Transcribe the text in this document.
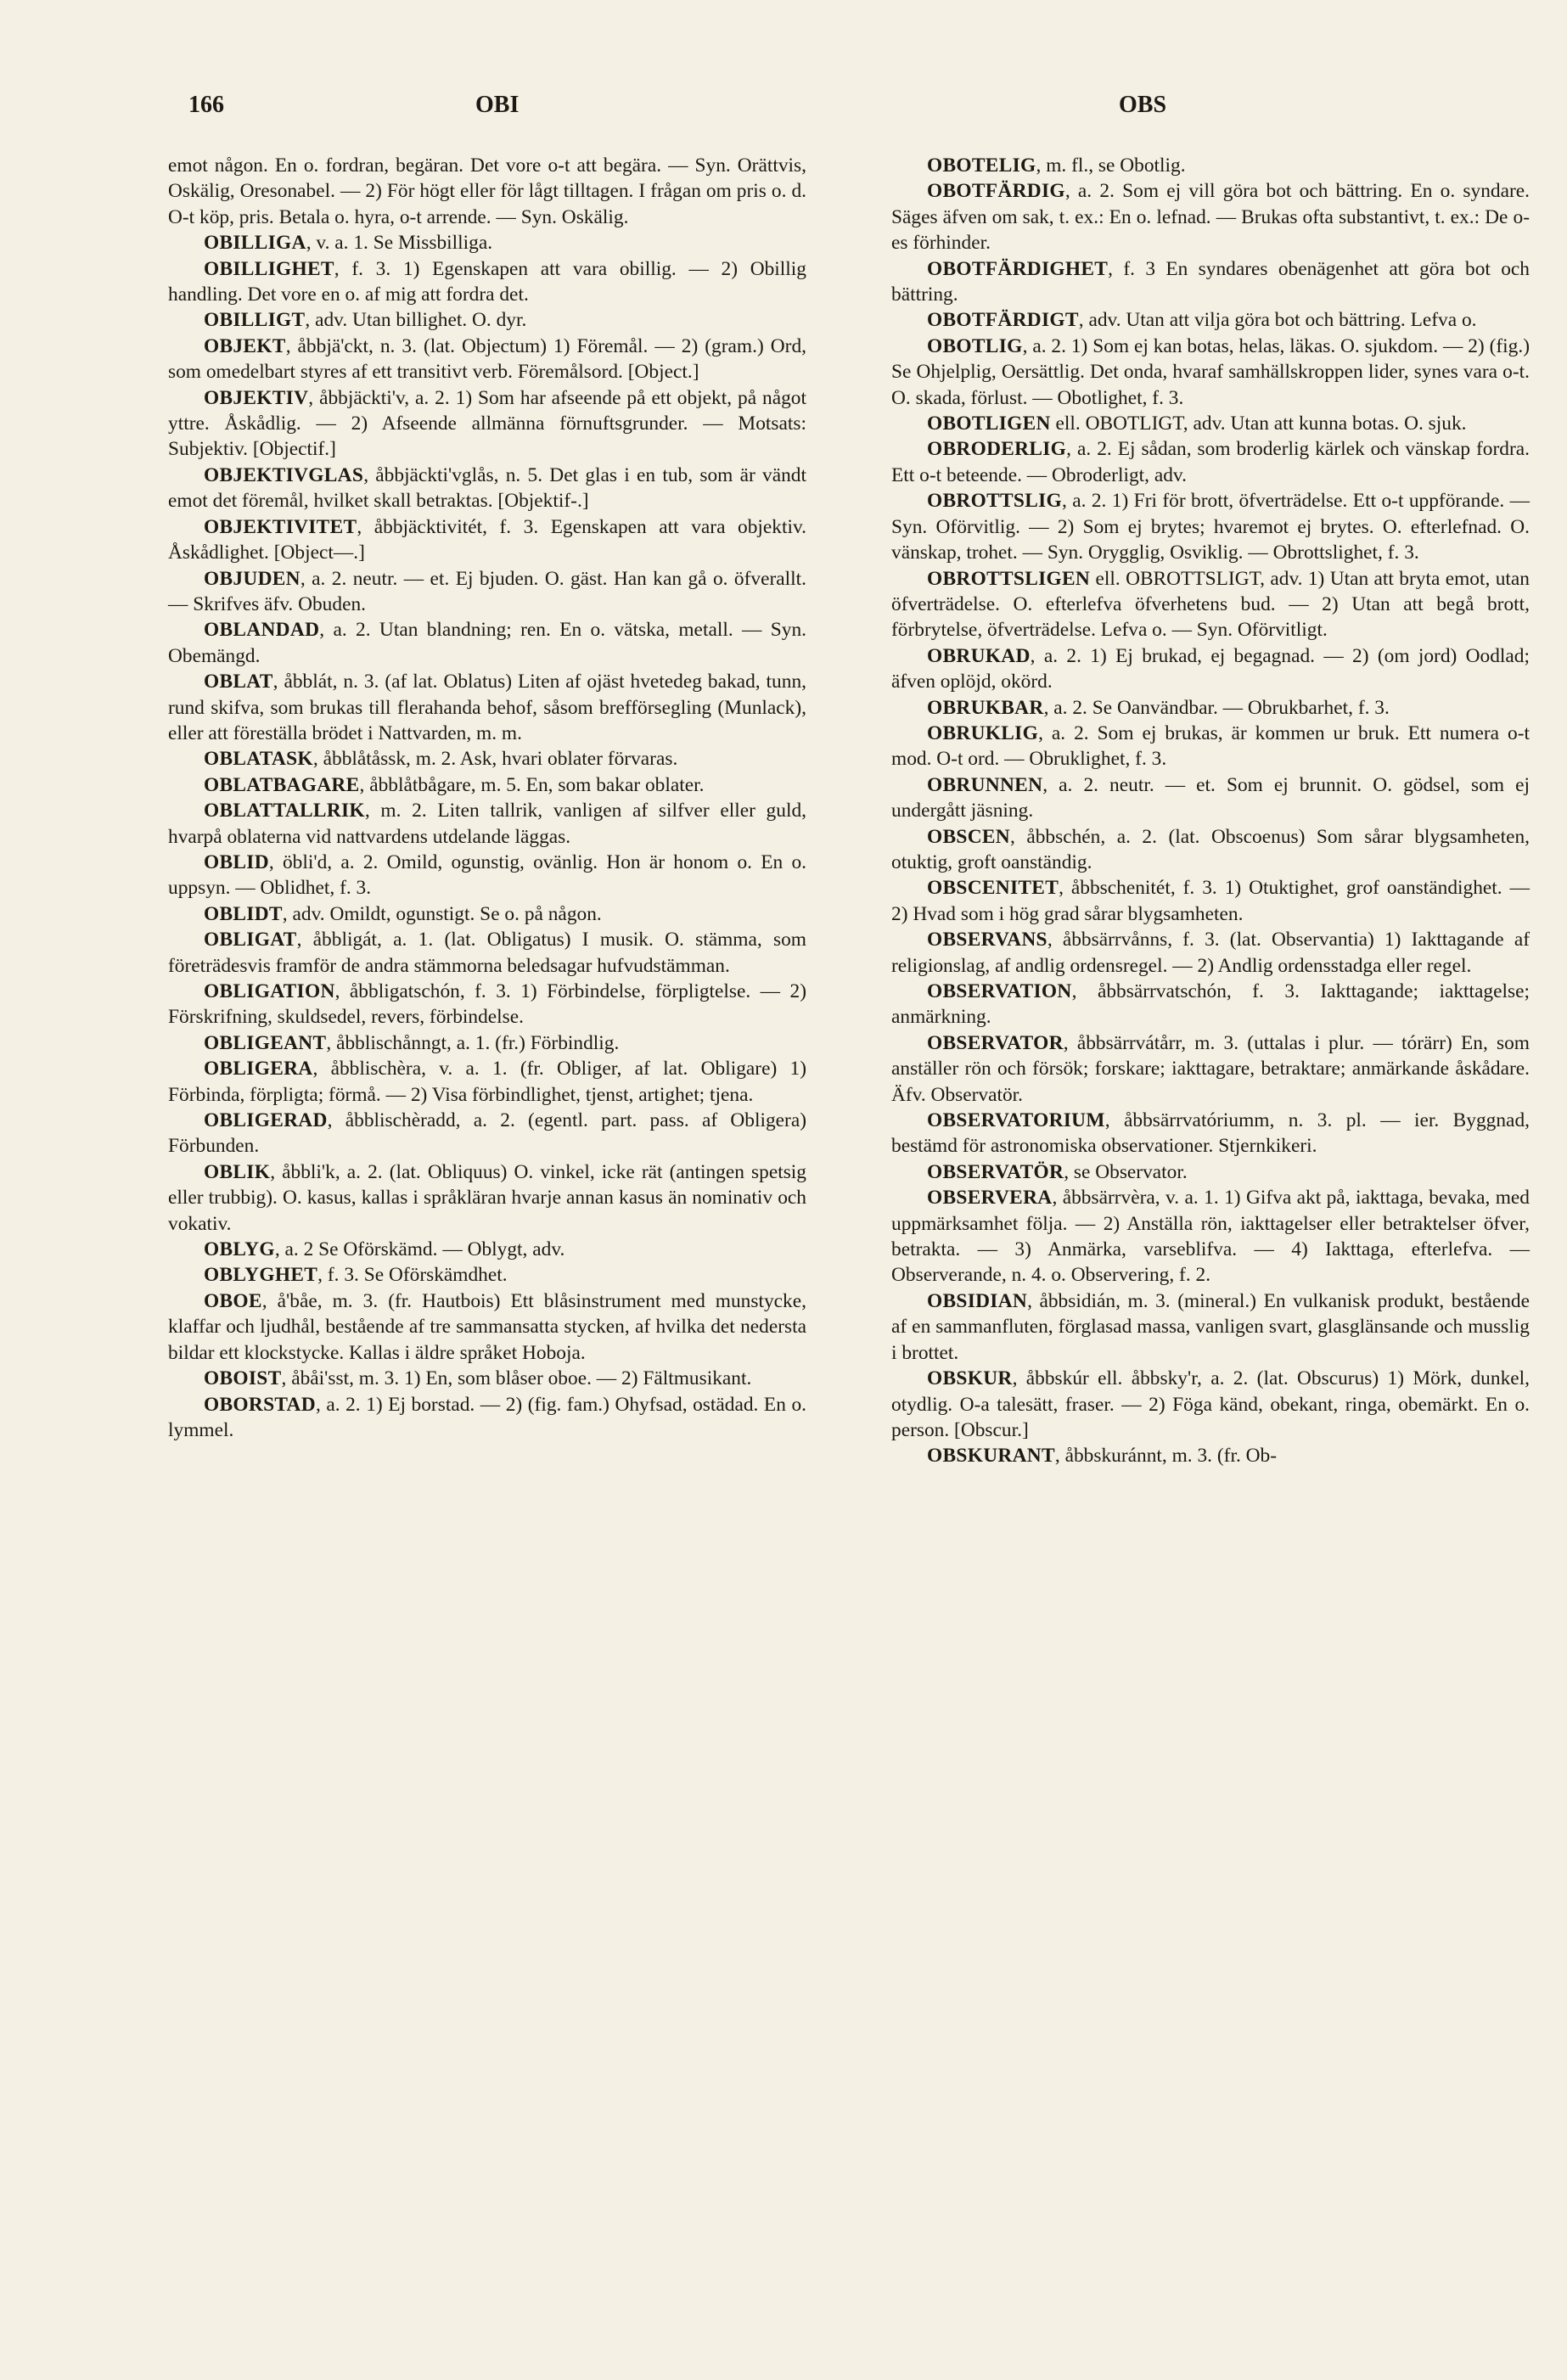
166	OBI	OBS

emot någon. En o. fordran, begäran. Det vore o-t att begära. — Syn. Orättvis, Oskälig, Oresonabel. — 2) För högt eller för lågt tilltagen. I frågan om pris o. d. O-t köp, pris. Betala o. hyra, o-t arrende. — Syn. Oskälig.

OBILLIGA, v. a. 1. Se Missbilliga.

OBILLIGHET, f. 3. 1) Egenskapen att vara obillig. — 2) Obillig handling. Det vore en o. af mig att fordra det.

OBILLIGT, adv. Utan billighet. O. dyr.

OBJEKT, åbbjä'ckt, n. 3. (lat. Objectum) 1) Föremål. — 2) (gram.) Ord, som omedelbart styres af ett transitivt verb. Föremålsord. [Object.]

OBJEKTIV, åbbjäckti'v, a. 2. 1) Som har afseende på ett objekt, på något yttre. Åskådlig. — 2) Afseende allmänna förnuftsgrunder. — Motsats: Subjektiv. [Objectif.]

OBJEKTIVGLAS, åbbjäckti'vglås, n. 5. Det glas i en tub, som är vändt emot det föremål, hvilket skall betraktas. [Objektif-.]

OBJEKTIVITET, åbbjäcktivitét, f. 3. Egenskapen att vara objektiv. Åskådlighet. [Object—.]

OBJUDEN, a. 2. neutr. — et. Ej bjuden. O. gäst. Han kan gå o. öfverallt. — Skrifves äfv. Obuden.

OBLANDAD, a. 2. Utan blandning; ren. En o. vätska, metall. — Syn. Obemängd.

OBLAT, åbblát, n. 3. (af lat. Oblatus) Liten af ojäst hvetedeg bakad, tunn, rund skifva, som brukas till flerahanda behof, såsom brefförsegling (Munlack), eller att föreställa brödet i Nattvarden, m. m.

OBLATASK, åbblåtåssk, m. 2. Ask, hvari oblater förvaras.

OBLATBAGARE, åbblåtbågare, m. 5. En, som bakar oblater.

OBLATTALLRIK, m. 2. Liten tallrik, vanligen af silfver eller guld, hvarpå oblaterna vid nattvardens utdelande läggas.

OBLID, öbli'd, a. 2. Omild, ogunstig, ovänlig. Hon är honom o. En o. uppsyn. — Oblidhet, f. 3.

OBLIDT, adv. Omildt, ogunstigt. Se o. på någon.

OBLIGAT, åbbligát, a. 1. (lat. Obligatus) I musik. O. stämma, som företrädesvis framför de andra stämmorna beledsagar hufvudstämman.

OBLIGATION, åbbligatschón, f. 3. 1) Förbindelse, förpligtelse. — 2) Förskrifning, skuldsedel, revers, förbindelse.

OBLIGEANT, åbblischånngt, a. 1. (fr.) Förbindlig.

OBLIGERA, åbblischèra, v. a. 1. (fr. Obliger, af lat. Obligare) 1) Förbinda, förpligta; förmå. — 2) Visa förbindlighet, tjenst, artighet; tjena.

OBLIGERAD, åbblischèradd, a. 2. (egentl. part. pass. af Obligera) Förbunden.

OBLIK, åbbli'k, a. 2. (lat. Obliquus) O. vinkel, icke rät (antingen spetsig eller trubbig). O. kasus, kallas i språkläran hvarje annan kasus än nominativ och vokativ.

OBLYG, a. 2 Se Oförskämd. — Oblygt, adv.

OBLYGHET, f. 3. Se Oförskämdhet.

OBOE, å'båe, m. 3. (fr. Hautbois) Ett blåsinstrument med munstycke, klaffar och ljudhål, bestående af tre sammansatta stycken, af hvilka det nedersta bildar ett klockstycke. Kallas i äldre språket Hoboja.

OBOIST, åbåi'sst, m. 3. 1) En, som blåser oboe. — 2) Fältmusikant.

OBORSTAD, a. 2. 1) Ej borstad. — 2) (fig. fam.) Ohyfsad, ostädad. En o. lymmel.

OBOTELIG, m. fl., se Obotlig.

OBOTFÄRDIG, a. 2. Som ej vill göra bot och bättring. En o. syndare. Säges äfven om sak, t. ex.: En o. lefnad. — Brukas ofta substantivt, t. ex.: De o-es förhinder.

OBOTFÄRDIGHET, f. 3 En syndares obenägenhet att göra bot och bättring.

OBOTFÄRDIGT, adv. Utan att vilja göra bot och bättring. Lefva o.

OBOTLIG, a. 2. 1) Som ej kan botas, helas, läkas. O. sjukdom. — 2) (fig.) Se Ohjelplig, Oersättlig. Det onda, hvaraf samhällskroppen lider, synes vara o-t. O. skada, förlust. — Obotlighet, f. 3.

OBOTLIGEN ell. OBOTLIGT, adv. Utan att kunna botas. O. sjuk.

OBRODERLIG, a. 2. Ej sådan, som broderlig kärlek och vänskap fordra. Ett o-t beteende. — Obroderligt, adv.

OBROTTSLIG, a. 2. 1) Fri för brott, öfverträdelse. Ett o-t uppförande. — Syn. Oförvitlig. — 2) Som ej brytes; hvaremot ej brytes. O. efterlefnad. O. vänskap, trohet. — Syn. Orygglig, Osviklig. — Obrottslighet, f. 3.

OBROTTSLIGEN ell. OBROTTSLIGT, adv. 1) Utan att bryta emot, utan öfverträdelse. O. efterlefva öfverhetens bud. — 2) Utan att begå brott, förbrytelse, öfverträdelse. Lefva o. — Syn. Oförvitligt.

OBRUKAD, a. 2. 1) Ej brukad, ej begagnad. — 2) (om jord) Oodlad; äfven oplöjd, okörd.

OBRUKBAR, a. 2. Se Oanvändbar. — Obrukbarhet, f. 3.

OBRUKLIG, a. 2. Som ej brukas, är kommen ur bruk. Ett numera o-t mod. O-t ord. — Obruklighet, f. 3.

OBRUNNEN, a. 2. neutr. — et. Som ej brunnit. O. gödsel, som ej undergått jäsning.

OBSCEN, åbbschén, a. 2. (lat. Obscoenus) Som sårar blygsamheten, otuktig, groft oanständig.

OBSCENITET, åbbschenitét, f. 3. 1) Otuktighet, grof oanständighet. — 2) Hvad som i hög grad sårar blygsamheten.

OBSERVANS, åbbsärrvånns, f. 3. (lat. Observantia) 1) Iakttagande af religionslag, af andlig ordensregel. — 2) Andlig ordensstadga eller regel.

OBSERVATION, åbbsärrvatschón, f. 3. Iakttagande; iakttagelse; anmärkning.

OBSERVATOR, åbbsärrvátårr, m. 3. (uttalas i plur. — tórärr) En, som anställer rön och försök; forskare; iakttagare, betraktare; anmärkande åskådare. Äfv. Observatör.

OBSERVATORIUM, åbbsärrvatóriumm, n. 3. pl. — ier. Byggnad, bestämd för astronomiska observationer. Stjernkikeri.

OBSERVATÖR, se Observator.

OBSERVERA, åbbsärrvèra, v. a. 1. 1) Gifva akt på, iakttaga, bevaka, med uppmärksamhet följa. — 2) Anställa rön, iakttagelser eller betraktelser öfver, betrakta. — 3) Anmärka, varseblifva. — 4) Iakttaga, efterlefva. — Observerande, n. 4. o. Observering, f. 2.

OBSIDIAN, åbbsidián, m. 3. (mineral.) En vulkanisk produkt, bestående af en sammanfluten, förglasad massa, vanligen svart, glasglänsande och musslig i brottet.

OBSKUR, åbbskúr ell. åbbsky'r, a. 2. (lat. Obscurus) 1) Mörk, dunkel, otydlig. O-a talesätt, fraser. — 2) Föga känd, obekant, ringa, obemärkt. En o. person. [Obscur.]

OBSKURANT, åbbskuránnt, m. 3. (fr. Ob-
